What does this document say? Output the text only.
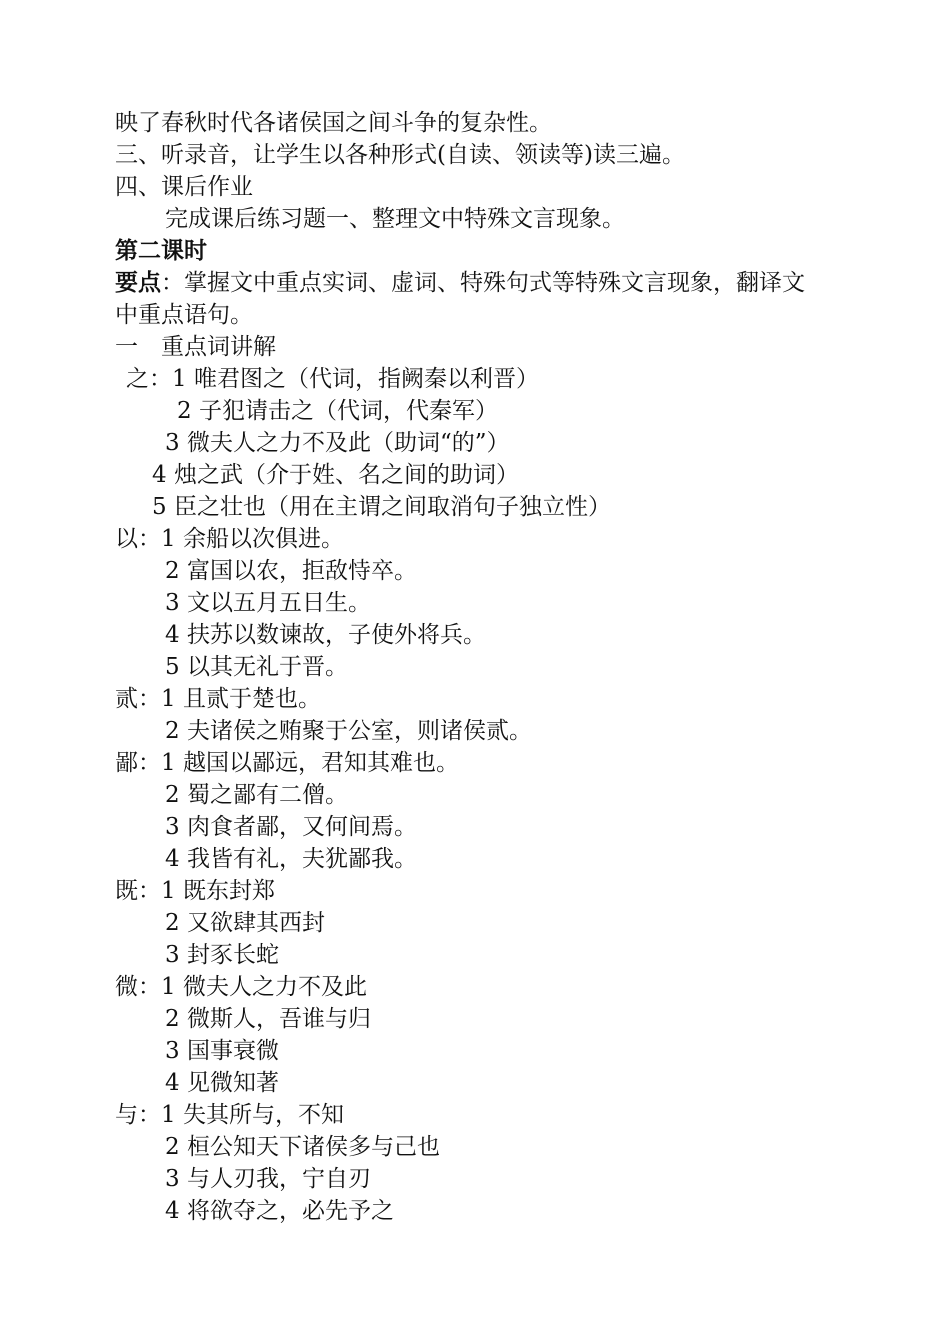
映了春秋时代各诸侯国之间斗争的复杂性。
三、听录音，让学生以各种形式(自读、领读等)读三遍。
四、课后作业
完成课后练习题一、整理文中特殊文言现象。
第二课时
要点：掌握文中重点实词、虚词、特殊句式等特殊文言现象，翻译文
中重点语句。
一　重点词讲解
之：1 唯君图之（代词，指阙秦以利晋）
2 子犯请击之（代词，代秦军）
3 微夫人之力不及此（助词“的”）
4 烛之武（介于姓、名之间的助词）
5 臣之壮也（用在主谓之间取消句子独立性）
以：1 余船以次俱进。
2 富国以农，拒敌恃卒。
3 文以五月五日生。
4 扶苏以数谏故，子使外将兵。
5 以其无礼于晋。
贰：1 且贰于楚也。
2 夫诸侯之贿聚于公室，则诸侯贰。
鄙：1 越国以鄙远，君知其难也。
2 蜀之鄙有二僧。
3 肉食者鄙，又何间焉。
4 我皆有礼，夫犹鄙我。
既：1 既东封郑
2 又欲肆其西封
3 封豕长蛇
微：1 微夫人之力不及此
2 微斯人，吾谁与归
3 国事衰微
4 见微知著
与：1 失其所与，不知
2 桓公知天下诸侯多与己也
3 与人刃我，宁自刃
4 将欲夺之，必先予之
